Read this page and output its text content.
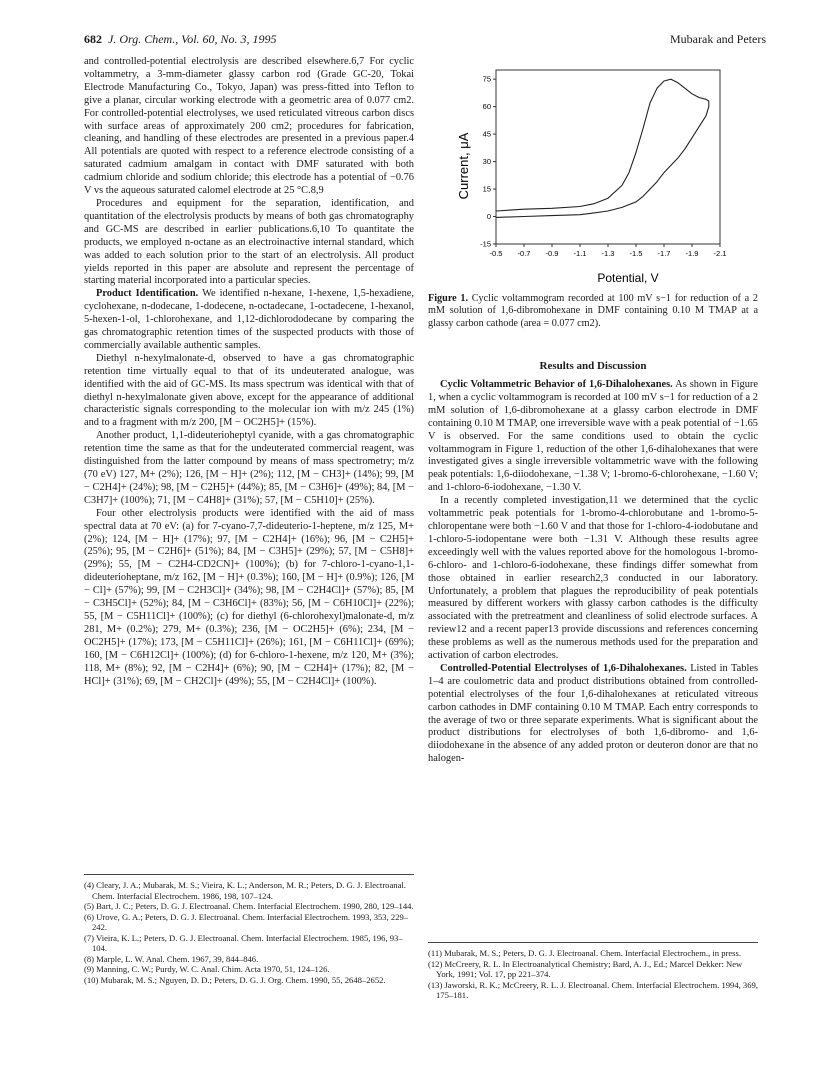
682 J. Org. Chem., Vol. 60, No. 3, 1995	Mubarak and Peters

and controlled-potential electrolysis are described elsewhere.6,7 For cyclic voltammetry, a 3-mm-diameter glassy carbon rod (Grade GC-20, Tokai Electrode Manufacturing Co., Tokyo, Japan) was press-fitted into Teflon to give a planar, circular working electrode with a geometric area of 0.077 cm2. For controlled-potential electrolyses, we used reticulated vitreous carbon discs with surface areas of approximately 200 cm2; procedures for fabrication, cleaning, and handling of these electrodes are presented in a previous paper.4 All potentials are quoted with respect to a reference electrode consisting of a saturated cadmium amalgam in contact with DMF saturated with both cadmium chloride and sodium chloride; this electrode has a potential of −0.76 V vs the aqueous saturated calomel electrode at 25 °C.8,9

Procedures and equipment for the separation, identification, and quantitation of the electrolysis products by means of both gas chromatography and GC-MS are described in earlier publications.6,10 To quantitate the products, we employed n-octane as an electroinactive internal standard, which was added to each solution prior to the start of an electrolysis. All product yields reported in this paper are absolute and represent the percentage of starting material incorporated into a particular species.

Product Identification. We identified n-hexane, 1-hexene, 1,5-hexadiene, cyclohexane, n-dodecane, 1-dodecene, n-octadecane, 1-octadecene, 1-hexanol, 5-hexen-1-ol, 1-chlorohexane, and 1,12-dichlorododecane by comparing the gas chromatographic retention times of the suspected products with those of commercially available authentic samples.

Diethyl n-hexylmalonate-d, observed to have a gas chromatographic retention time virtually equal to that of its undeuterated analogue, was identified with the aid of GC-MS. Its mass spectrum was identical with that of diethyl n-hexylmalonate given above, except for the appearance of additional characteristic signals corresponding to the molecular ion with m/z 245 (1%) and to a fragment with m/z 200, [M − OC2H5]+ (15%).

Another product, 1,1-dideuterioheptyl cyanide, with a gas chromatographic retention time the same as that for the undeuterated commercial reagent, was distinguished from the latter compound by means of mass spectrometry; m/z (70 eV) 127, M+ (2%); 126, [M − H]+ (2%); 112, [M − CH3]+ (14%); 99, [M − C2H4]+ (24%); 98, [M − C2H5]+ (44%); 85, [M − C3H6]+ (49%); 84, [M − C3H7]+ (100%); 71, [M − C4H8]+ (31%); 57, [M − C5H10]+ (25%).

Four other electrolysis products were identified with the aid of mass spectral data at 70 eV: (a) for 7-cyano-7,7-dideuterio-1-heptene, m/z 125, M+ (2%); 124, [M − H]+ (17%); 97, [M − C2H4]+ (16%); 96, [M − C2H5]+ (25%); 95, [M − C2H6]+ (51%); 84, [M − C3H5]+ (29%); 57, [M − C5H8]+ (29%); 55, [M − C2H4-CD2CN]+ (100%); (b) for 7-chloro-1-cyano-1,1-dideuterioheptane, m/z 162, [M − H]+ (0.3%); 160, [M − H]+ (0.9%); 126, [M − Cl]+ (57%); 99, [M − C2H3Cl]+ (34%); 98, [M − C2H4Cl]+ (57%); 85, [M − C3H5Cl]+ (52%); 84, [M − C3H6Cl]+ (83%); 56, [M − C6H10Cl]+ (22%); 55, [M − C5H11Cl]+ (100%); (c) for diethyl (6-chlorohexyl)malonate-d, m/z 281, M+ (0.2%); 279, M+ (0.3%); 236, [M − OC2H5]+ (6%); 234, [M − OC2H5]+ (17%); 173, [M − C5H11Cl]+ (26%); 161, [M − C6H11Cl]+ (69%); 160, [M − C6H12Cl]+ (100%); (d) for 6-chloro-1-hexene, m/z 120, M+ (3%); 118, M+ (8%); 92, [M − C2H4]+ (6%); 90, [M − C2H4]+ (17%); 82, [M − HCl]+ (31%); 69, [M − CH2Cl]+ (49%); 55, [M − C2H4Cl]+ (100%).

(4) Cleary, J. A.; Mubarak, M. S.; Vieira, K. L.; Anderson, M. R.; Peters, D. G. J. Electroanal. Chem. Interfacial Electrochem. 1986, 198, 107–124.

(5) Bart, J. C.; Peters, D. G. J. Electroanal. Chem. Interfacial Electrochem. 1990, 280, 129–144.

(6) Urove, G. A.; Peters, D. G. J. Electroanal. Chem. Interfacial Electrochem. 1993, 353, 229–242.

(7) Vieira, K. L.; Peters, D. G. J. Electroanal. Chem. Interfacial Electrochem. 1985, 196, 93–104.

(8) Marple, L. W. Anal. Chem. 1967, 39, 844–846.

(9) Manning, C. W.; Purdy, W. C. Anal. Chim. Acta 1970, 51, 124–126.

(10) Mubarak, M. S.; Nguyen, D. D.; Peters, D. G. J. Org. Chem. 1990, 55, 2648–2652.

-0.5 -0.7 -0.9 -1.1 -1.3 -1.5 -1.7 -1.9 -2.1
75
60
45
30
15
0
-15
Current, μA
Potential, V
Figure 1. Cyclic voltammogram recorded at 100 mV s−1 for reduction of a 2 mM solution of 1,6-dibromohexane in DMF containing 0.10 M TMAP at a glassy carbon cathode (area = 0.077 cm2).
Results and Discussion

Cyclic Voltammetric Behavior of 1,6-Dihalohexanes. As shown in Figure 1, when a cyclic voltammogram is recorded at 100 mV s−1 for reduction of a 2 mM solution of 1,6-dibromohexane at a glassy carbon electrode in DMF containing 0.10 M TMAP, one irreversible wave with a peak potential of −1.65 V is observed. For the same conditions used to obtain the cyclic voltammogram in Figure 1, reduction of the other 1,6-dihalohexanes that were investigated gives a single irreversible voltammetric wave with the following peak potentials: 1,6-diiodohexane, −1.38 V; 1-bromo-6-chlorohexane, −1.60 V; and 1-chloro-6-iodohexane, −1.30 V.

In a recently completed investigation,11 we determined that the cyclic voltammetric peak potentials for 1-bromo-4-chlorobutane and 1-bromo-5-chloropentane were both −1.60 V and that those for 1-chloro-4-iodobutane and 1-chloro-5-iodopentane were both −1.31 V. Although these results agree exceedingly well with the values reported above for the homologous 1-bromo-6-chloro- and 1-chloro-6-iodohexane, these findings differ somewhat from those obtained in earlier research2,3 conducted in our laboratory. Unfortunately, a problem that plagues the reproducibility of peak potentials measured by different workers with glassy carbon cathodes is the difficulty associated with the pretreatment and cleanliness of solid electrode surfaces. A review12 and a recent paper13 provide discussions and references concerning these problems as well as the numerous methods used for the preparation and activation of carbon electrodes.

Controlled-Potential Electrolyses of 1,6-Dihalohexanes. Listed in Tables 1–4 are coulometric data and product distributions obtained from controlled-potential electrolyses of the four 1,6-dihalohexanes at reticulated vitreous carbon cathodes in DMF containing 0.10 M TMAP. Each entry corresponds to the average of two or three separate experiments. What is significant about the product distributions for electrolyses of both 1,6-dibromo- and 1,6-diiodohexane in the absence of any added proton or deuteron donor are that no halogen-

(11) Mubarak, M. S.; Peters, D. G. J. Electroanal. Chem. Interfacial Electrochem., in press.

(12) McCreery, R. L. In Electroanalytical Chemistry; Bard, A. J., Ed.; Marcel Dekker: New York, 1991; Vol. 17, pp 221–374.

(13) Jaworski, R. K.; McCreery, R. L. J. Electroanal. Chem. Interfacial Electrochem. 1994, 369, 175–181.
